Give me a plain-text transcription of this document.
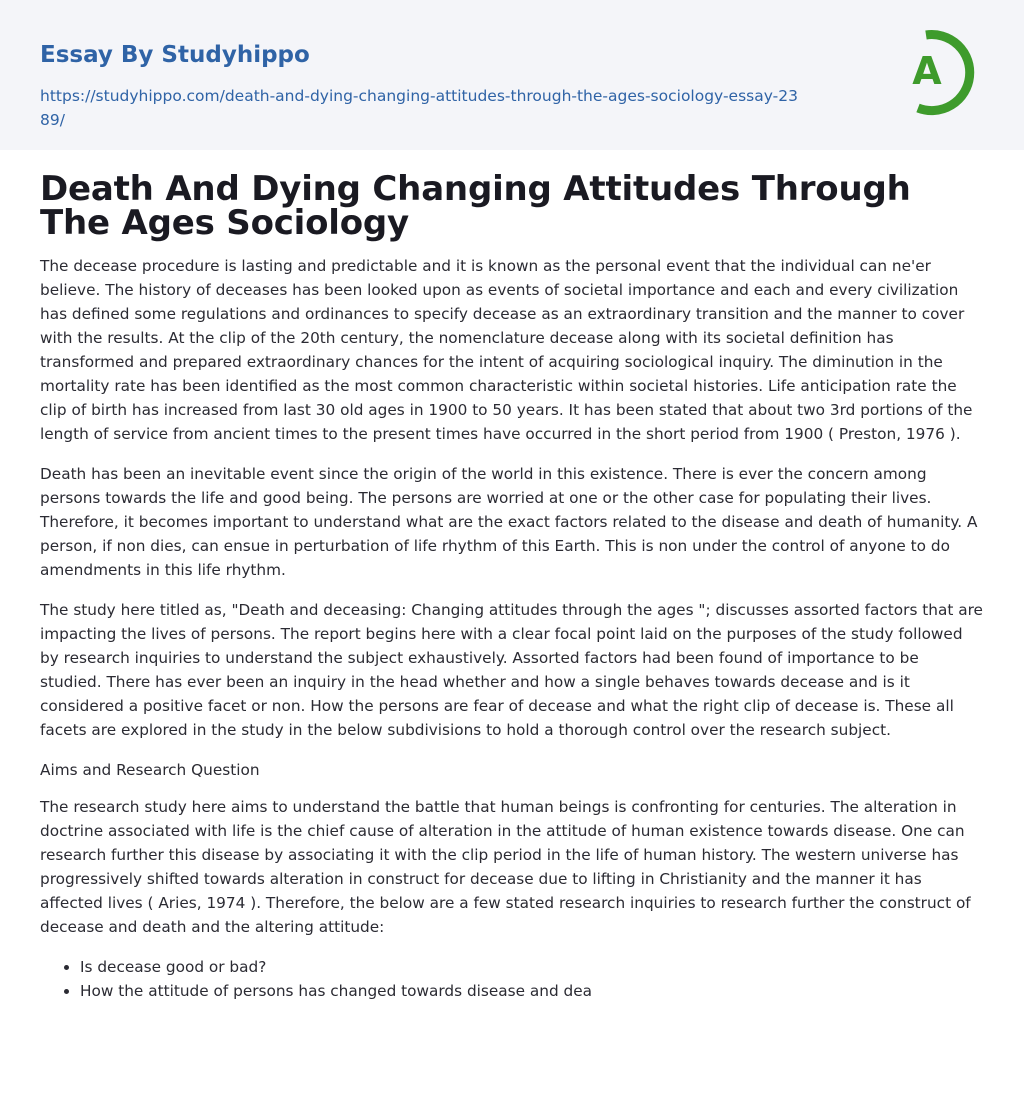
Essay By Studyhippo
https://studyhippo.com/death-and-dying-changing-attitudes-through-the-ages-sociology-essay-2389/
A
Death And Dying Changing Attitudes Through The Ages Sociology

The decease procedure is lasting and predictable and it is known as the personal event that the individual can ne'er believe. The history of deceases has been looked upon as events of societal importance and each and every civilization has defined some regulations and ordinances to specify decease as an extraordinary transition and the manner to cover with the results. At the clip of the 20th century, the nomenclature decease along with its societal definition has transformed and prepared extraordinary chances for the intent of acquiring sociological inquiry. The diminution in the mortality rate has been identified as the most common characteristic within societal histories. Life anticipation rate the clip of birth has increased from last 30 old ages in 1900 to 50 years. It has been stated that about two 3rd portions of the length of service from ancient times to the present times have occurred in the short period from 1900 ( Preston, 1976 ).

Death has been an inevitable event since the origin of the world in this existence. There is ever the concern among persons towards the life and good being. The persons are worried at one or the other case for populating their lives. Therefore, it becomes important to understand what are the exact factors related to the disease and death of humanity. A person, if non dies, can ensue in perturbation of life rhythm of this Earth. This is non under the control of anyone to do amendments in this life rhythm.

The study here titled as, "Death and deceasing: Changing attitudes through the ages "; discusses assorted factors that are impacting the lives of persons. The report begins here with a clear focal point laid on the purposes of the study followed by research inquiries to understand the subject exhaustively. Assorted factors had been found of importance to be studied. There has ever been an inquiry in the head whether and how a single behaves towards decease and is it considered a positive facet or non. How the persons are fear of decease and what the right clip of decease is. These all facets are explored in the study in the below subdivisions to hold a thorough control over the research subject.

Aims and Research Question

The research study here aims to understand the battle that human beings is confronting for centuries. The alteration in doctrine associated with life is the chief cause of alteration in the attitude of human existence towards disease. One can research further this disease by associating it with the clip period in the life of human history. The western universe has progressively shifted towards alteration in construct for decease due to lifting in Christianity and the manner it has affected lives ( Aries, 1974 ). Therefore, the below are a few stated research inquiries to research further the construct of decease and death and the altering attitude:

• Is decease good or bad?
• How the attitude of persons has changed towards disease and dea
